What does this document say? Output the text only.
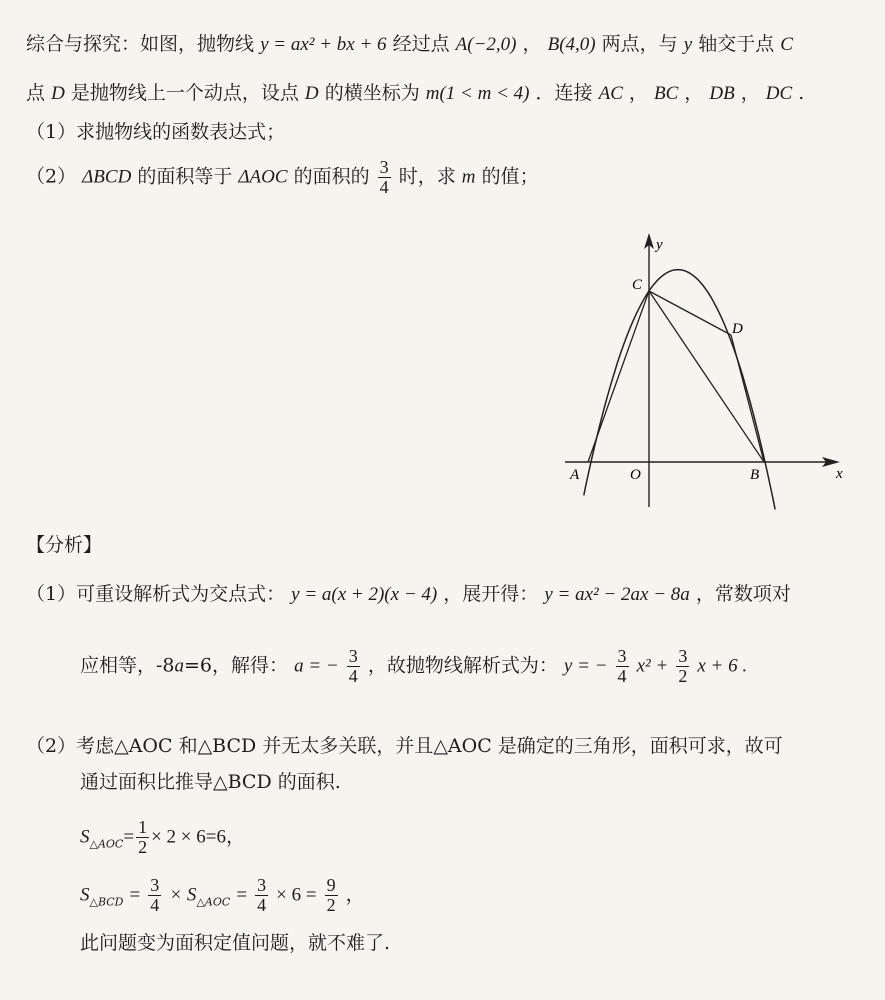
综合与探究：如图，抛物线 y = ax² + bx + 6 经过点 A(−2,0) ， B(4,0) 两点，与 y 轴交于点 C
点 D 是抛物线上一个动点，设点 D 的横坐标为 m(1 < m < 4) ．连接 AC ， BC ， DB ， DC .
（1）求抛物线的函数表达式；
（2） ΔBCD 的面积等于 ΔAOC 的面积的 $\frac{3}{4}$ 时，求 m 的值；
y
x
A	O	B
C
D
【分析】
（1）可重设解析式为交点式： y = a(x + 2)(x − 4) ，展开得： y = ax² − 2ax − 8a ，常数项对
应相等，-8a=6，解得： a = − $\frac{3}{4}$ ，故抛物线解析式为： y = − $\frac{3}{4} x^2 + \frac{3}{2}$ x + 6 .
（2）考虑△AOC 和△BCD 并无太多关联，并且△AOC 是确定的三角形，面积可求，故可
通过面积比推导△BCD 的面积.
$S_{\triangle AOC}= \frac{1}{2} \times 2 \times 6=6$，
$S_{\triangle BCD} = \frac{3}{4} \times S_{\triangle AOC} = \frac{3}{4} \times 6 = \frac{9}{2}$ ，
此问题变为面积定值问题，就不难了.
